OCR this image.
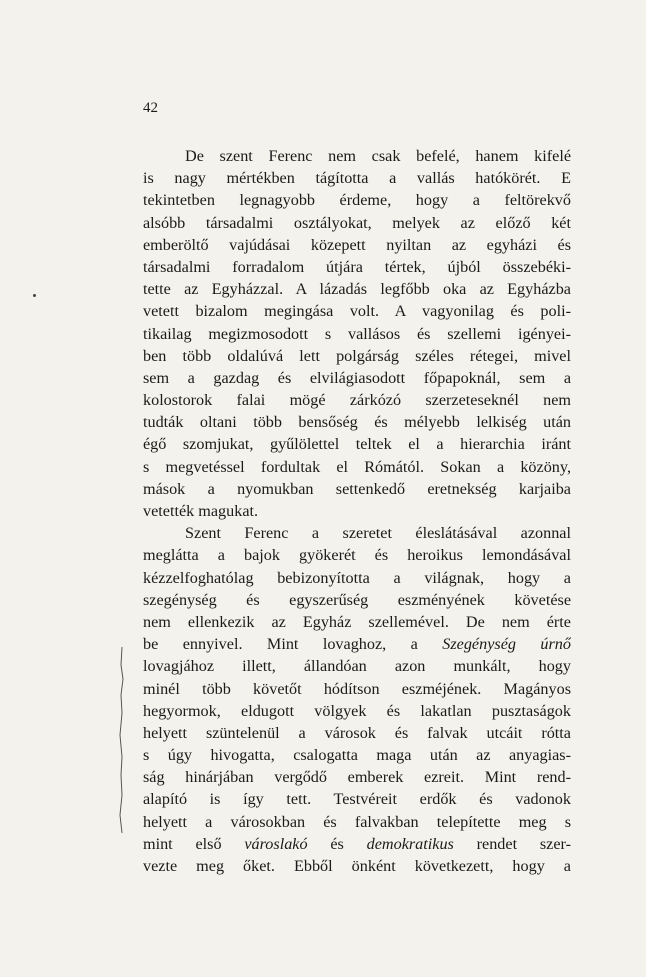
42
De szent Ferenc nem csak befelé, hanem kifelé
is nagy mértékben tágította a vallás hatókörét. E
tekintetben legnagyobb érdeme, hogy a feltörekvő
alsóbb társadalmi osztályokat, melyek az előző két
emberöltő vajúdásai közepett nyiltan az egyházi és
társadalmi forradalom útjára tértek, újból összebéki-
tette az Egyházzal. A lázadás legfőbb oka az Egyházba
vetett bizalom megingása volt. A vagyonilag és poli-
tikailag megizmosodott s vallásos és szellemi igényei-
ben több oldalúvá lett polgárság széles rétegei, mivel
sem a gazdag és elvilágiasodott főpapoknál, sem a
kolostorok falai mögé zárkózó szerzeteseknél nem
tudták oltani több bensőség és mélyebb lelkiség után
égő szomjukat, gyűlölettel teltek el a hierarchia iránt
s megvetéssel fordultak el Rómától. Sokan a közöny,
mások a nyomukban settenkedő eretnekség karjaiba
vetették magukat.
Szent Ferenc a szeretet éleslátásával azonnal
meglátta a bajok gyökerét és heroikus lemondásával
kézzelfoghatólag bebizonyította a világnak, hogy a
szegénység és egyszerűség eszményének követése
nem ellenkezik az Egyház szellemével. De nem érte
be ennyivel. Mint lovaghoz, a Szegénység úrnő
lovagjához illett, állandóan azon munkált, hogy
minél több követőt hódítson eszméjének. Magányos
hegyormok, eldugott völgyek és lakatlan pusztaságok
helyett szüntelenül a városok és falvak utcáit rótta
s úgy hivogatta, csalogatta maga után az anyagias-
ság hinárjában vergődő emberek ezreit. Mint rend-
alapító is így tett. Testvéreit erdők és vadonok
helyett a városokban és falvakban telepítette meg s
mint első városlakó és demokratikus rendet szer-
vezte meg őket. Ebből önként következett, hogy a
